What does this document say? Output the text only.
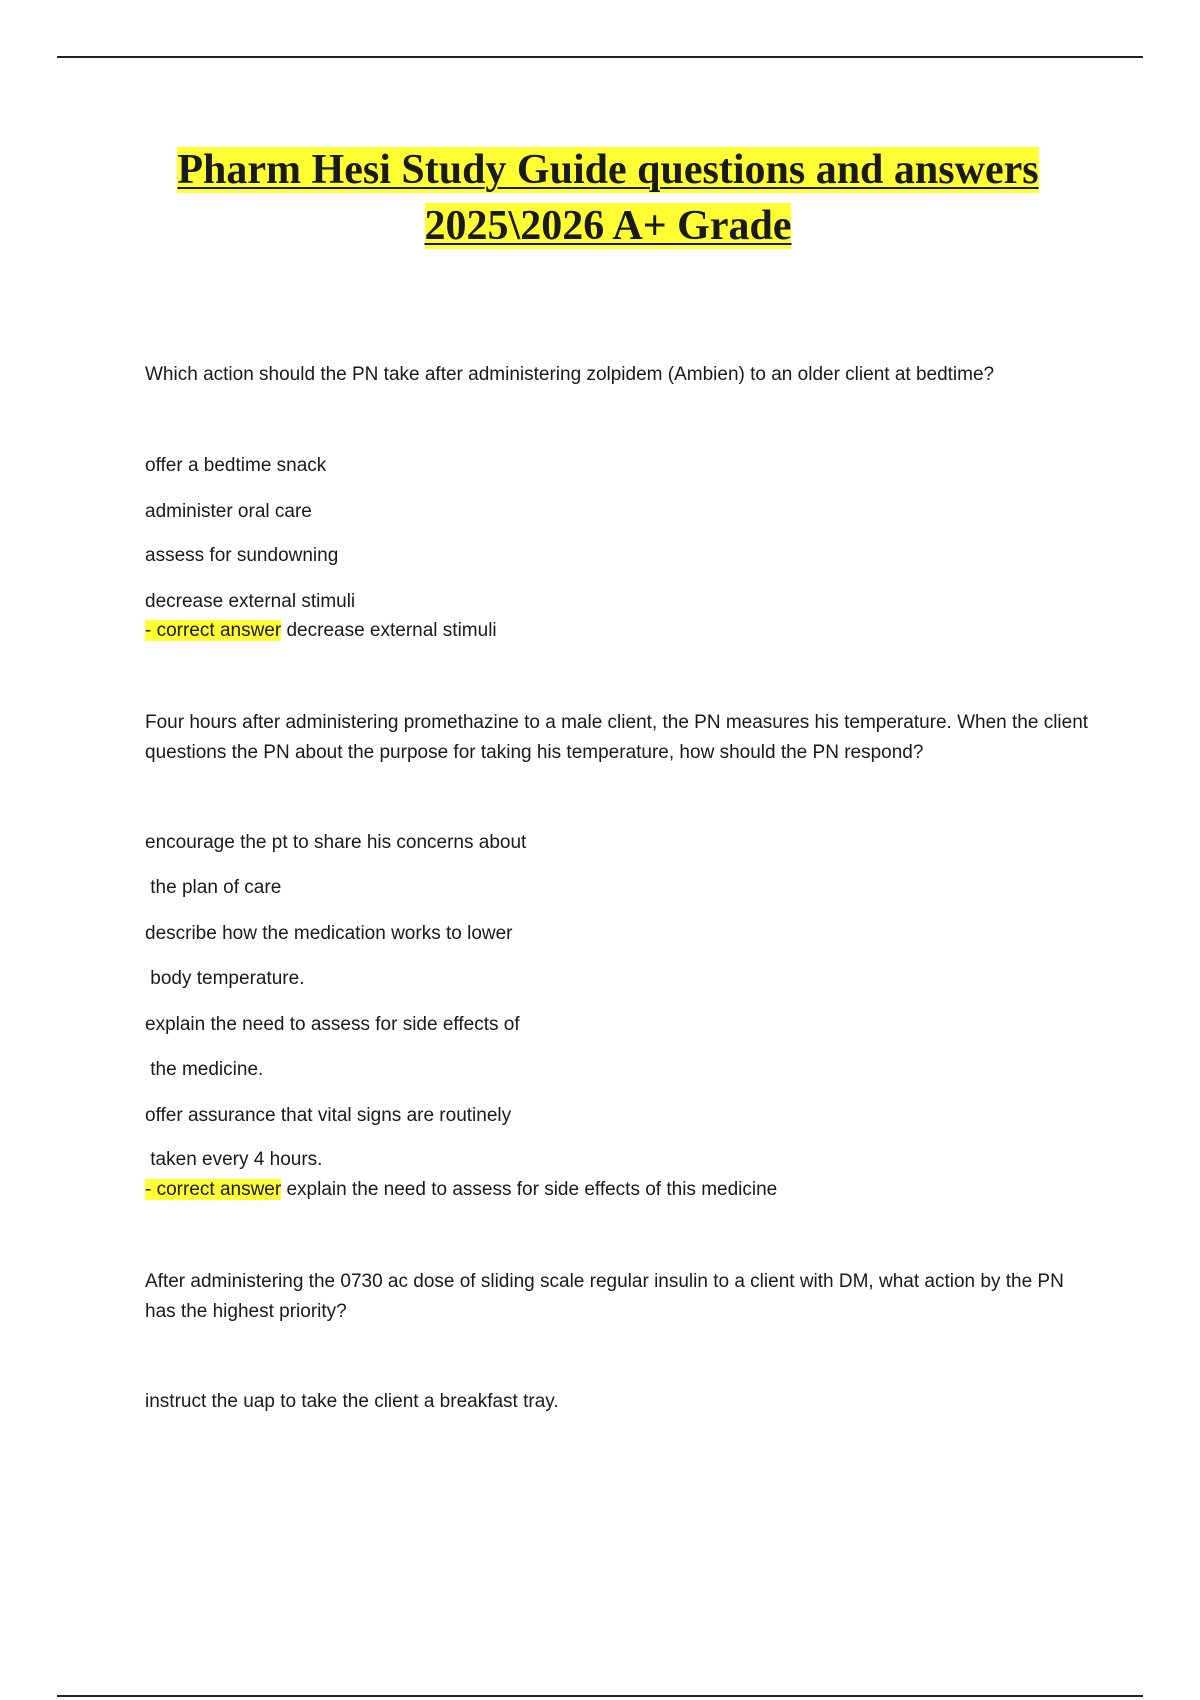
Pharm Hesi Study Guide questions and answers
2025\2026 A+ Grade

Which action should the PN take after administering zolpidem (Ambien) to an older client at bedtime?

offer a bedtime snack

administer oral care

assess for sundowning

decrease external stimuli

- correct answer decrease external stimuli

Four hours after administering promethazine to a male client, the PN measures his temperature. When the client questions the PN about the purpose for taking his temperature, how should the PN respond?

encourage the pt to share his concerns about

the plan of care

describe how the medication works to lower

body temperature.

explain the need to assess for side effects of

the medicine.

offer assurance that vital signs are routinely

taken every 4 hours.

- correct answer explain the need to assess for side effects of this medicine

After administering the 0730 ac dose of sliding scale regular insulin to a client with DM, what action by the PN has the highest priority?

instruct the uap to take the client a breakfast tray.
